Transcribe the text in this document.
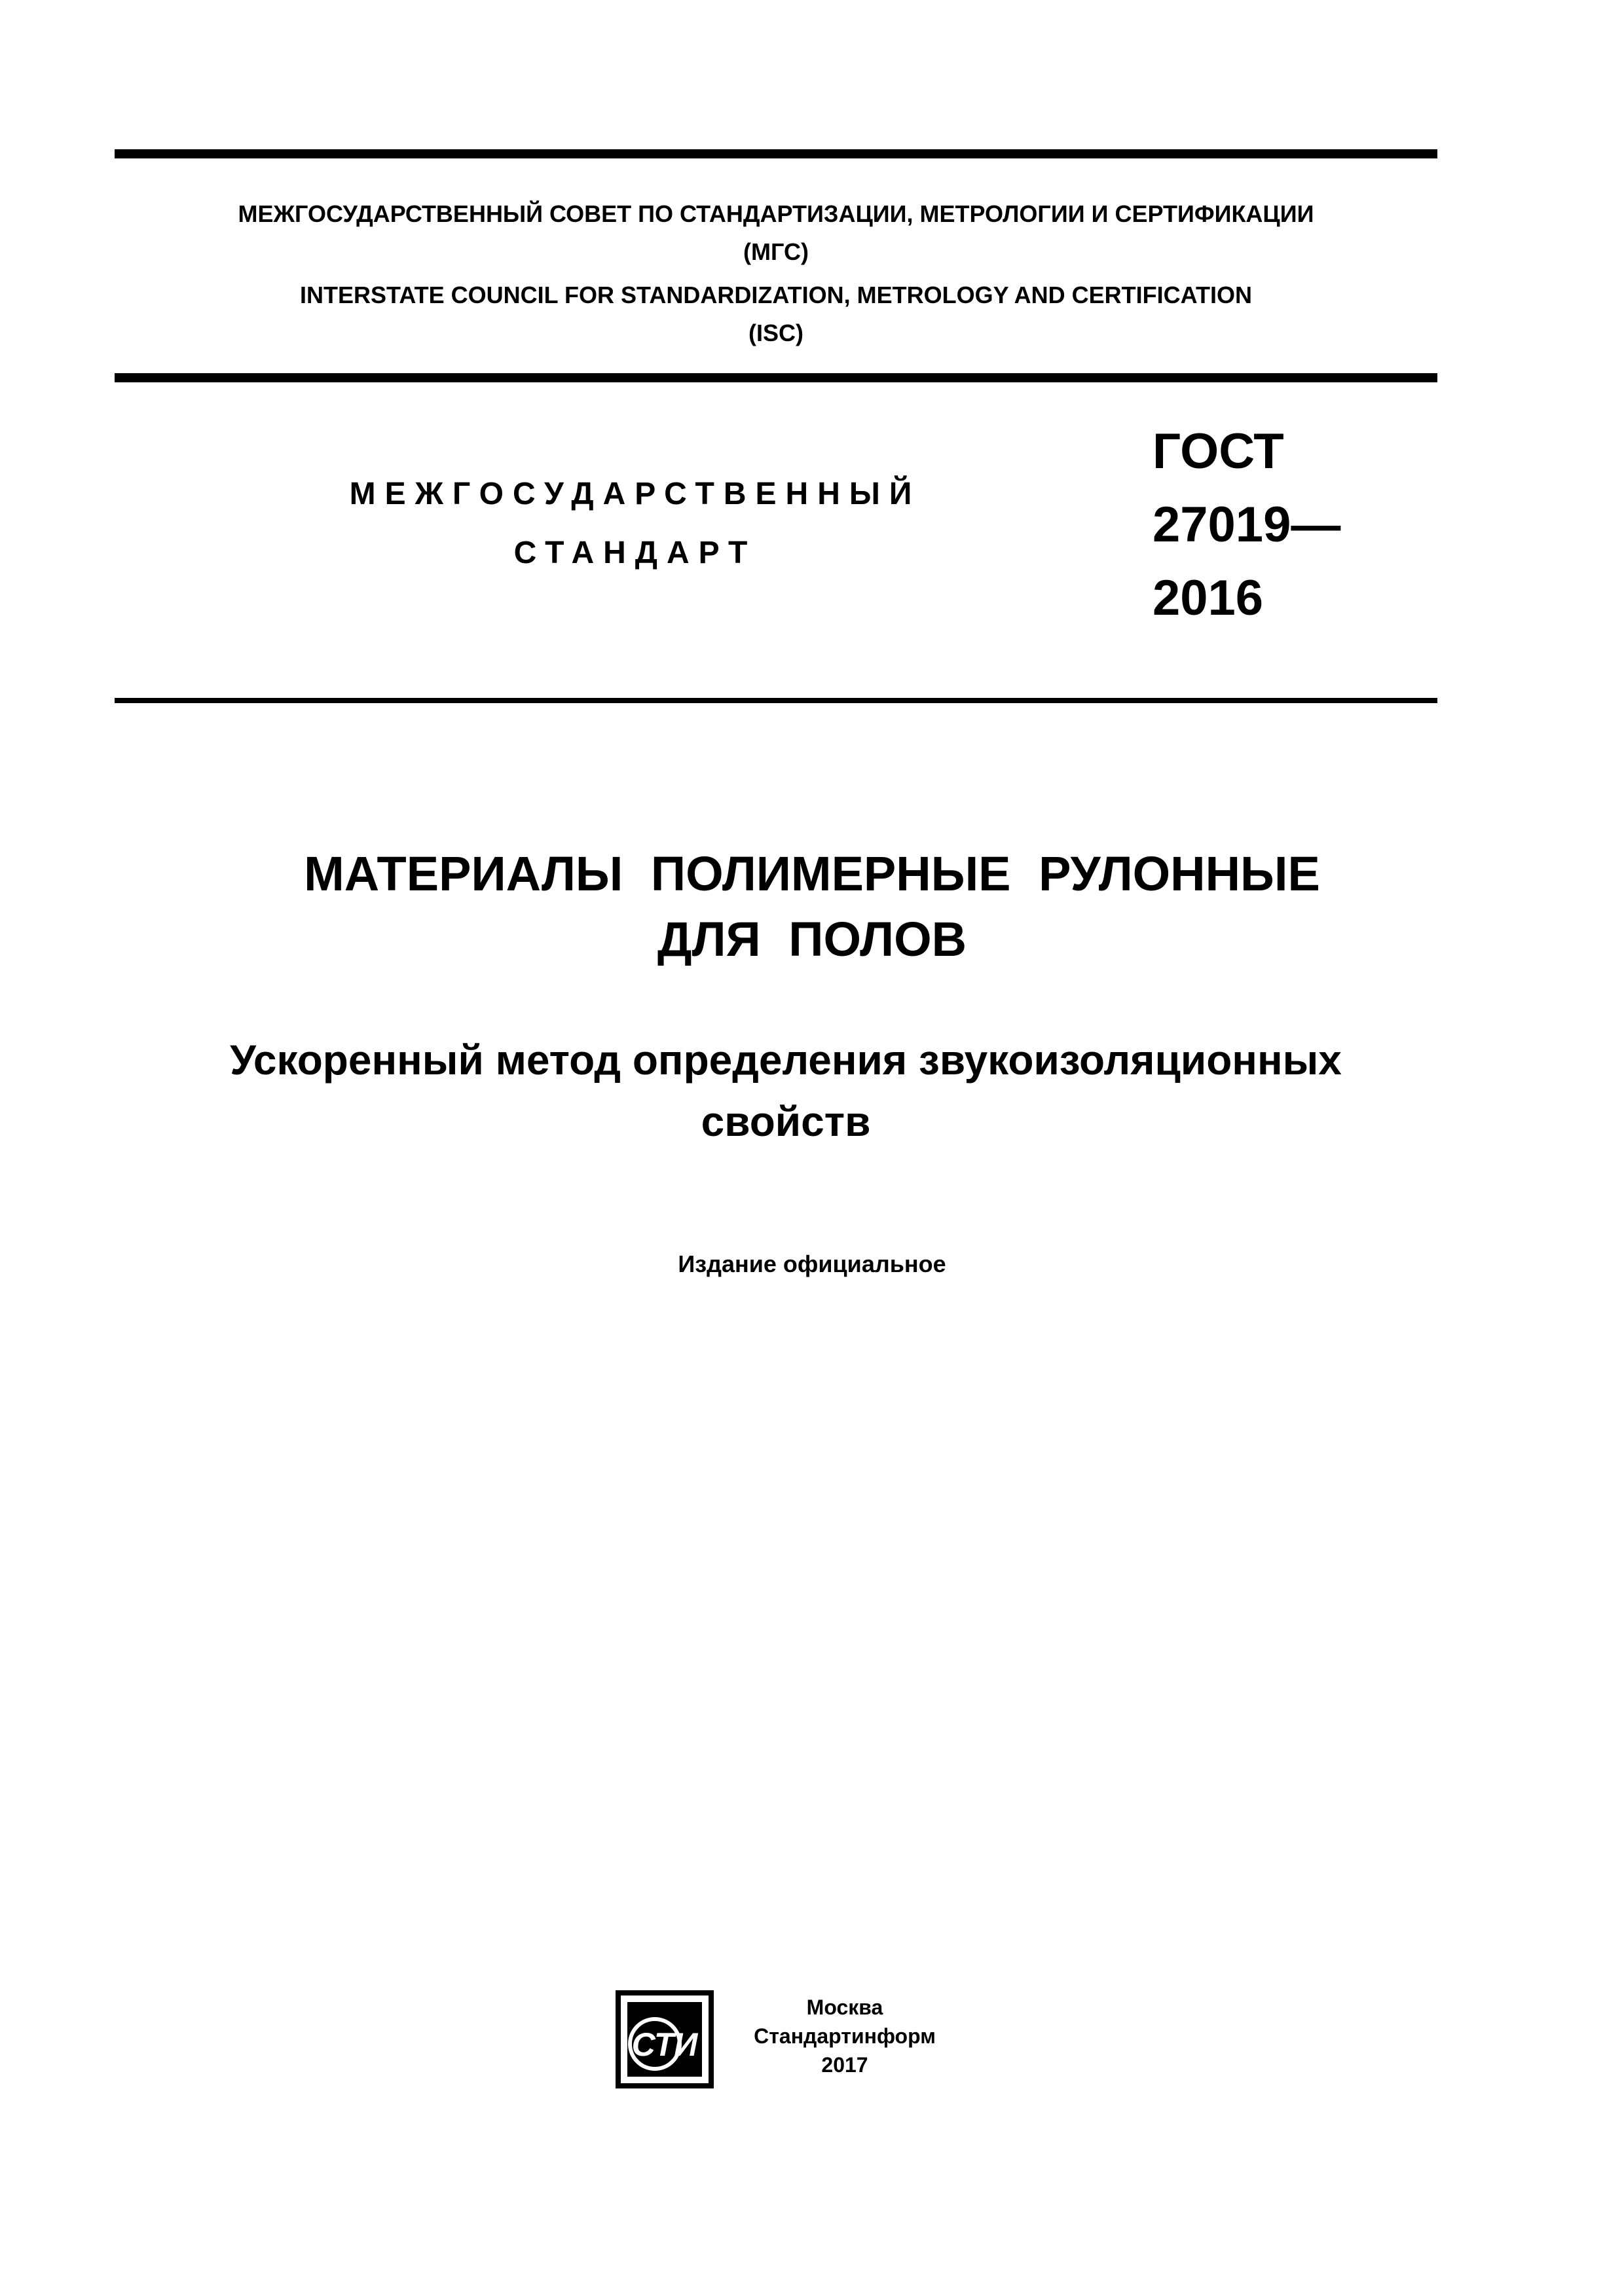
МЕЖГОСУДАРСТВЕННЫЙ СОВЕТ ПО СТАНДАРТИЗАЦИИ, МЕТРОЛОГИИ И СЕРТИФИКАЦИИ
(МГС)
INTERSTATE COUNCIL FOR STANDARDIZATION, METROLOGY AND CERTIFICATION
(ISC)
МЕЖГОСУДАРСТВЕННЫЙ
СТАНДАРТ
ГОСТ
27019—
2016
МАТЕРИАЛЫ ПОЛИМЕРНЫЕ РУЛОННЫЕ
ДЛЯ ПОЛОВ
Ускоренный метод определения звукоизоляционных
свойств
Издание официальное
СТИ
Москва
Стандартинформ
2017
